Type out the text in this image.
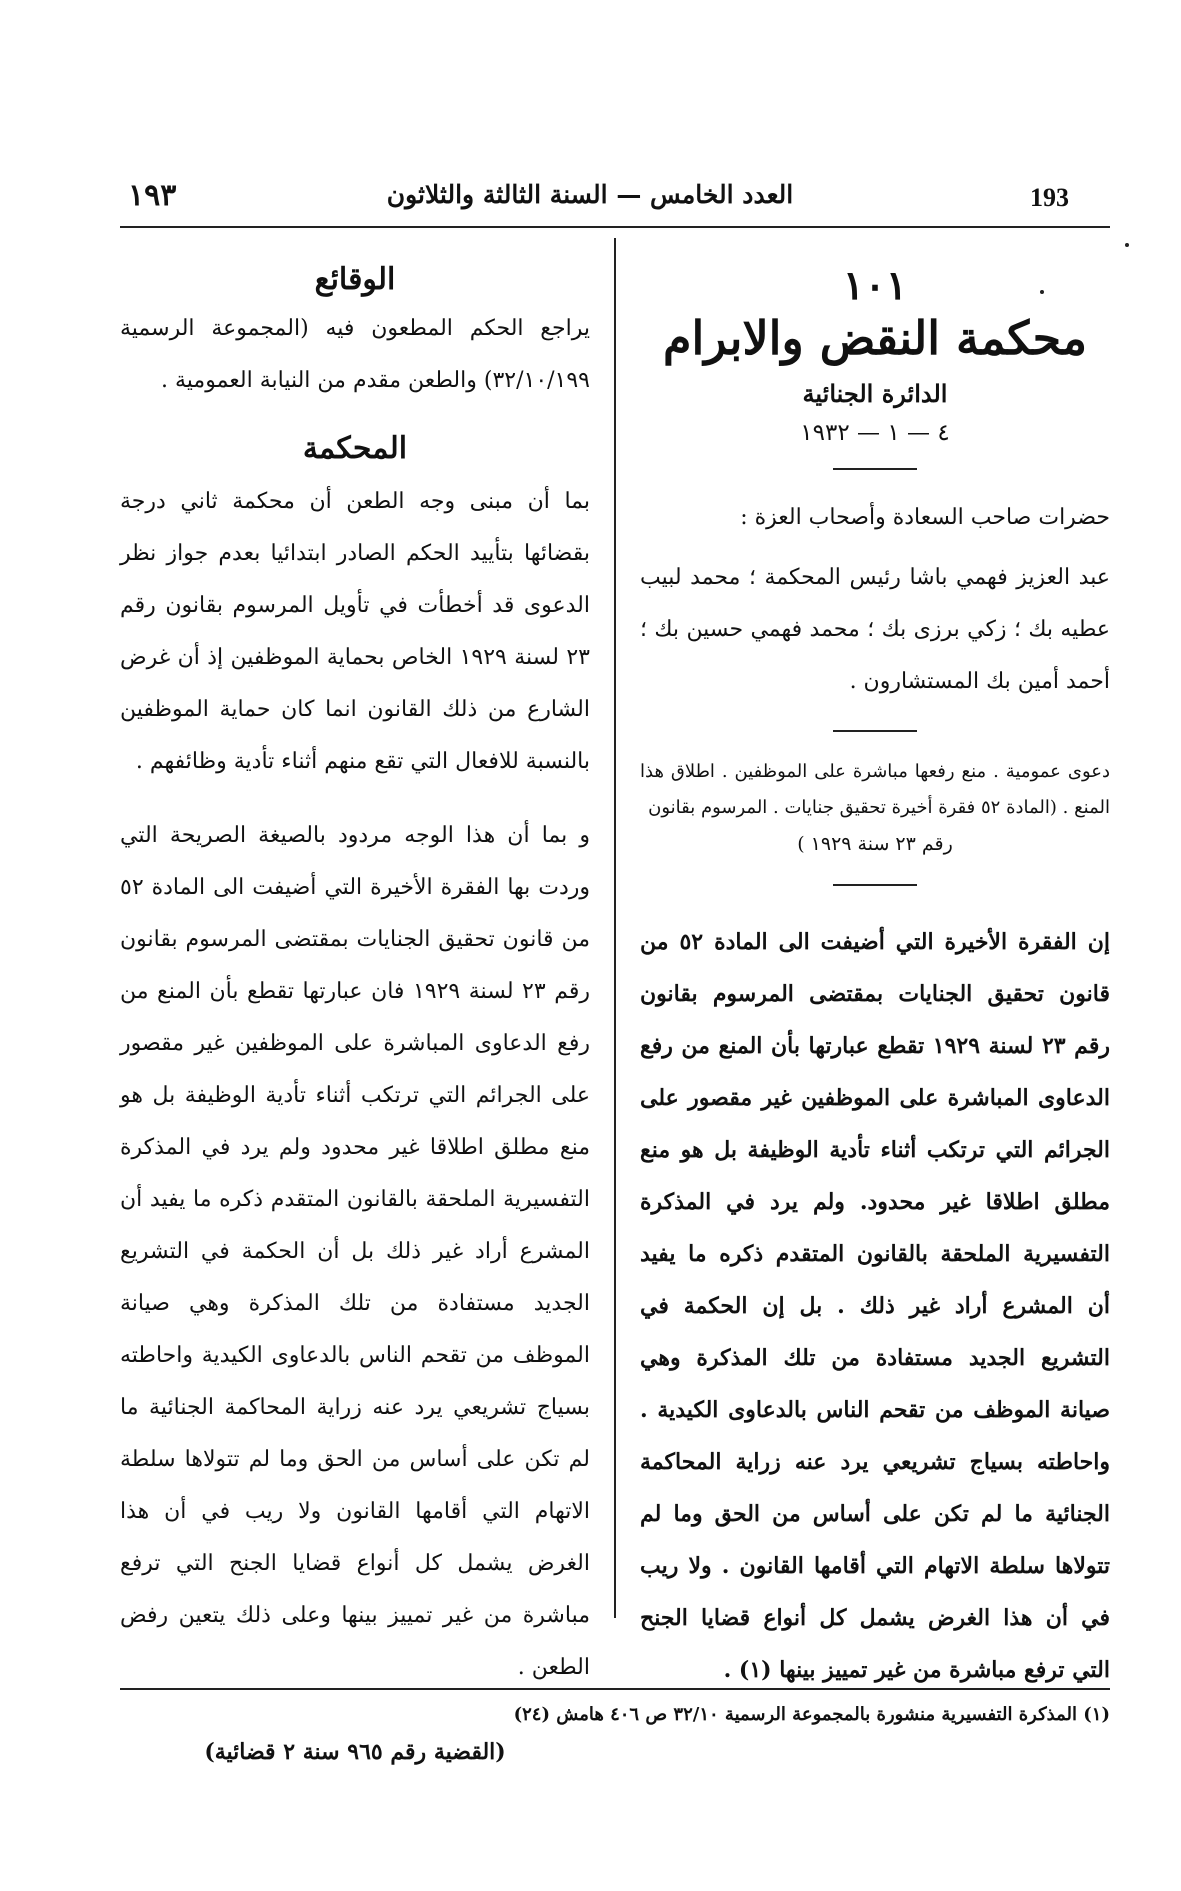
١٩٣	العدد الخامس — السنة الثالثة والثلاثون	193
١٠١
محكمة النقض والابرام
الدائرة الجنائية
٤ — ١ — ١٩٣٢
حضرات صاحب السعادة وأصحاب العزة :
عبد العزيز فهمي باشا رئيس المحكمة ؛ محمد لبيب عطيه بك ؛ زكي برزى بك ؛ محمد فهمي حسين بك ؛ أحمد أمين بك المستشارون .
دعوى عمومية . منع رفعها مباشرة على الموظفين . اطلاق هذا المنع . (المادة ٥٢ فقرة أخيرة تحقيق جنايات . المرسوم بقانون
رقم ٢٣ سنة ١٩٢٩ )
إن الفقرة الأخيرة التي أضيفت الى المادة ٥٢ من قانون تحقيق الجنايات بمقتضى المرسوم بقانون رقم ٢٣ لسنة ١٩٢٩ تقطع عبارتها بأن المنع من رفع الدعاوى المباشرة على الموظفين غير مقصور على الجرائم التي ترتكب أثناء تأدية الوظيفة بل هو منع مطلق اطلاقا غير محدود. ولم يرد في المذكرة التفسيرية الملحقة بالقانون المتقدم ذكره ما يفيد أن المشرع أراد غير ذلك . بل إن الحكمة في التشريع الجديد مستفادة من تلك المذكرة وهي صيانة الموظف من تقحم الناس بالدعاوى الكيدية . واحاطته بسياج تشريعي يرد عنه زراية المحاكمة الجنائية ما لم تكن على أساس من الحق وما لم تتولاها سلطة الاتهام التي أقامها القانون . ولا ريب في أن هذا الغرض يشمل كل أنواع قضايا الجنح التي ترفع مباشرة من غير تمييز بينها (١) .
الوقائع
يراجع الحكم المطعون فيه (المجموعة الرسمية ٣٢/١٠/١٩٩) والطعن مقدم من النيابة العمومية .
المحكمة
بما أن مبنى وجه الطعن أن محكمة ثاني درجة بقضائها بتأييد الحكم الصادر ابتدائيا بعدم جواز نظر الدعوى قد أخطأت في تأويل المرسوم بقانون رقم ٢٣ لسنة ١٩٢٩ الخاص بحماية الموظفين إذ أن غرض الشارع من ذلك القانون انما كان حماية الموظفين بالنسبة للافعال التي تقع منهم أثناء تأدية وظائفهم .
و بما أن هذا الوجه مردود بالصيغة الصريحة التي وردت بها الفقرة الأخيرة التي أضيفت الى المادة ٥٢ من قانون تحقيق الجنايات بمقتضى المرسوم بقانون رقم ٢٣ لسنة ١٩٢٩ فان عبارتها تقطع بأن المنع من رفع الدعاوى المباشرة على الموظفين غير مقصور على الجرائم التي ترتكب أثناء تأدية الوظيفة بل هو منع مطلق اطلاقا غير محدود ولم يرد في المذكرة التفسيرية الملحقة بالقانون المتقدم ذكره ما يفيد أن المشرع أراد غير ذلك بل أن الحكمة في التشريع الجديد مستفادة من تلك المذكرة وهي صيانة الموظف من تقحم الناس بالدعاوى الكيدية واحاطته بسياج تشريعي يرد عنه زراية المحاكمة الجنائية ما لم تكن على أساس من الحق وما لم تتولاها سلطة الاتهام التي أقامها القانون ولا ريب في أن هذا الغرض يشمل كل أنواع قضايا الجنح التي ترفع مباشرة من غير تمييز بينها وعلى ذلك يتعين رفض الطعن .
(القضية رقم ٩٦٥ سنة ٢ قضائية)
(١) المذكرة التفسيرية منشورة بالمجموعة الرسمية ٣٢/١٠ ص ٤٠٦ هامش (٢٤)
